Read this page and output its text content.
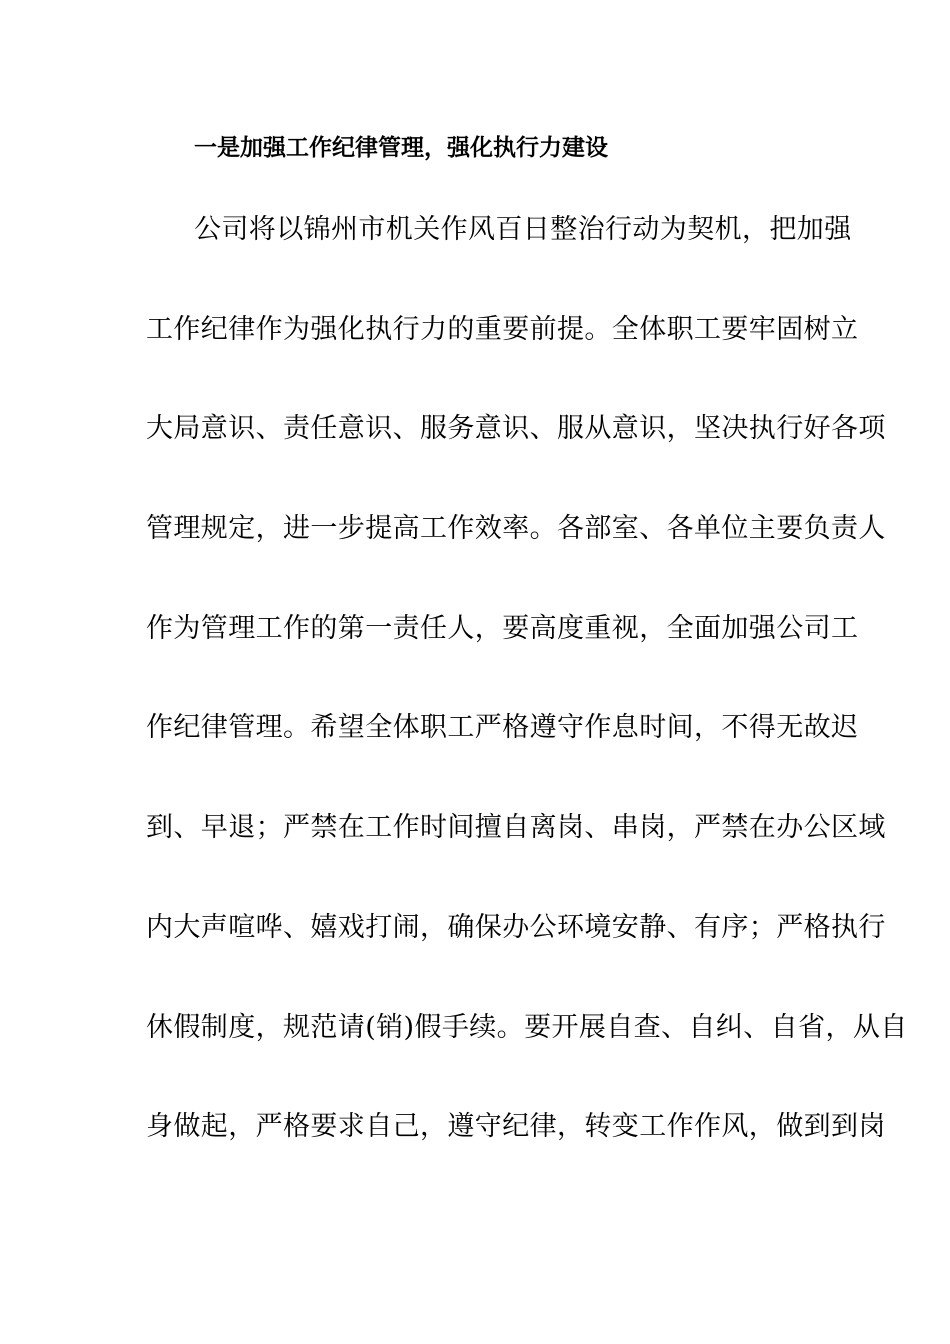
一是加强工作纪律管理，强化执行力建设
公司将以锦州市机关作风百日整治行动为契机，把加强
工作纪律作为强化执行力的重要前提。全体职工要牢固树立
大局意识、责任意识、服务意识、服从意识，坚决执行好各项
管理规定，进一步提高工作效率。各部室、各单位主要负责人
作为管理工作的第一责任人，要高度重视，全面加强公司工
作纪律管理。希望全体职工严格遵守作息时间，不得无故迟
到、早退；严禁在工作时间擅自离岗、串岗，严禁在办公区域
内大声喧哗、嬉戏打闹，确保办公环境安静、有序；严格执行
休假制度，规范请(销)假手续。要开展自查、自纠、自省，从自
身做起，严格要求自己，遵守纪律，转变工作作风，做到到岗
